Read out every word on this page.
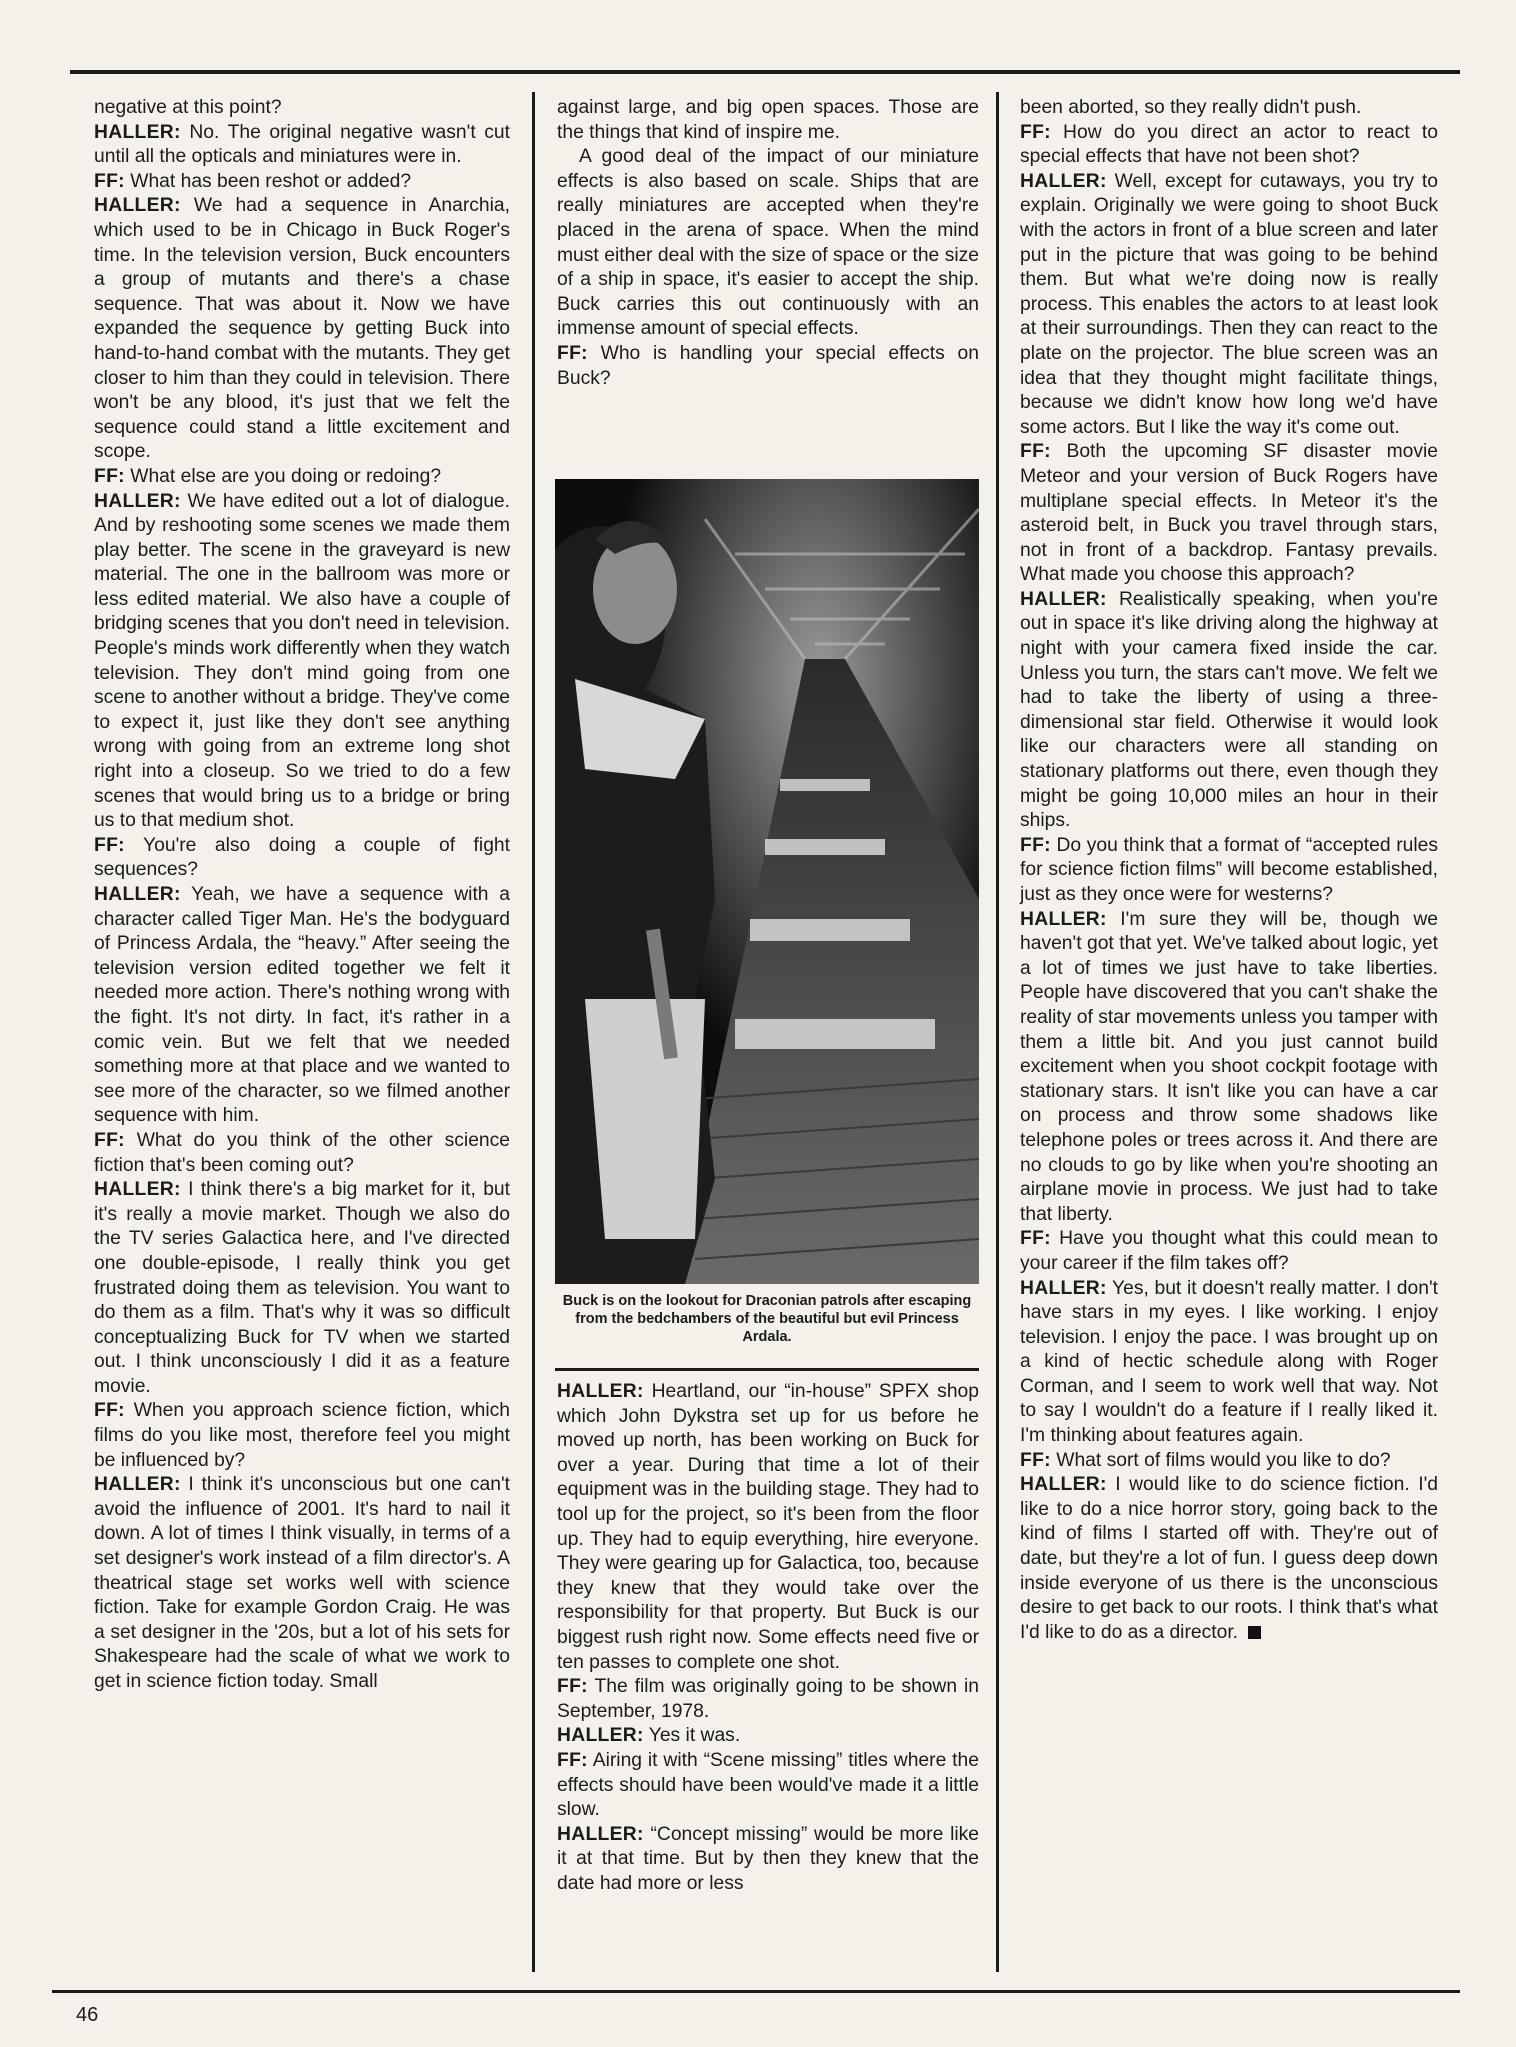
negative at this point?

HALLER: No. The original negative wasn't cut until all the opticals and miniatures were in.

FF: What has been reshot or added?

HALLER: We had a sequence in Anarchia, which used to be in Chicago in Buck Roger's time. In the television version, Buck encounters a group of mutants and there's a chase sequence. That was about it. Now we have expanded the sequence by getting Buck into hand-to-hand combat with the mutants. They get closer to him than they could in television. There won't be any blood, it's just that we felt the sequence could stand a little excitement and scope.

FF: What else are you doing or redoing?

HALLER: We have edited out a lot of dialogue. And by reshooting some scenes we made them play better. The scene in the graveyard is new material. The one in the ballroom was more or less edited material. We also have a couple of bridging scenes that you don't need in television. People's minds work differently when they watch television. They don't mind going from one scene to another without a bridge. They've come to expect it, just like they don't see anything wrong with going from an extreme long shot right into a closeup. So we tried to do a few scenes that would bring us to a bridge or bring us to that medium shot.

FF: You're also doing a couple of fight sequences?

HALLER: Yeah, we have a sequence with a character called Tiger Man. He's the bodyguard of Princess Ardala, the “heavy.” After seeing the television version edited together we felt it needed more action. There's nothing wrong with the fight. It's not dirty. In fact, it's rather in a comic vein. But we felt that we needed something more at that place and we wanted to see more of the character, so we filmed another sequence with him.

FF: What do you think of the other science fiction that's been coming out?

HALLER: I think there's a big market for it, but it's really a movie market. Though we also do the TV series Galactica here, and I've directed one double-episode, I really think you get frustrated doing them as television. You want to do them as a film. That's why it was so difficult conceptualizing Buck for TV when we started out. I think unconsciously I did it as a feature movie.

FF: When you approach science fiction, which films do you like most, therefore feel you might be influenced by?

HALLER: I think it's unconscious but one can't avoid the influence of 2001. It's hard to nail it down. A lot of times I think visually, in terms of a set designer's work instead of a film director's. A theatrical stage set works well with science fiction. Take for example Gordon Craig. He was a set designer in the '20s, but a lot of his sets for Shakespeare had the scale of what we work to get in science fiction today. Small

against large, and big open spaces. Those are the things that kind of inspire me.

A good deal of the impact of our miniature effects is also based on scale. Ships that are really miniatures are accepted when they're placed in the arena of space. When the mind must either deal with the size of space or the size of a ship in space, it's easier to accept the ship. Buck carries this out continuously with an immense amount of special effects.

FF: Who is handling your special effects on Buck?

Buck is on the lookout for Draconian patrols after escaping from the bedchambers of the beautiful but evil Princess Ardala.

HALLER: Heartland, our “in-house” SPFX shop which John Dykstra set up for us before he moved up north, has been working on Buck for over a year. During that time a lot of their equipment was in the building stage. They had to tool up for the project, so it's been from the floor up. They had to equip everything, hire everyone. They were gearing up for Galactica, too, because they knew that they would take over the responsibility for that property. But Buck is our biggest rush right now. Some effects need five or ten passes to complete one shot.

FF: The film was originally going to be shown in September, 1978.

HALLER: Yes it was.

FF: Airing it with “Scene missing” titles where the effects should have been would've made it a little slow.

HALLER: “Concept missing” would be more like it at that time. But by then they knew that the date had more or less

been aborted, so they really didn't push.

FF: How do you direct an actor to react to special effects that have not been shot?

HALLER: Well, except for cutaways, you try to explain. Originally we were going to shoot Buck with the actors in front of a blue screen and later put in the picture that was going to be behind them. But what we're doing now is really process. This enables the actors to at least look at their surroundings. Then they can react to the plate on the projector. The blue screen was an idea that they thought might facilitate things, because we didn't know how long we'd have some actors. But I like the way it's come out.

FF: Both the upcoming SF disaster movie Meteor and your version of Buck Rogers have multiplane special effects. In Meteor it's the asteroid belt, in Buck you travel through stars, not in front of a backdrop. Fantasy prevails. What made you choose this approach?

HALLER: Realistically speaking, when you're out in space it's like driving along the highway at night with your camera fixed inside the car. Unless you turn, the stars can't move. We felt we had to take the liberty of using a three-dimensional star field. Otherwise it would look like our characters were all standing on stationary platforms out there, even though they might be going 10,000 miles an hour in their ships.

FF: Do you think that a format of “accepted rules for science fiction films” will become established, just as they once were for westerns?

HALLER: I'm sure they will be, though we haven't got that yet. We've talked about logic, yet a lot of times we just have to take liberties. People have discovered that you can't shake the reality of star movements unless you tamper with them a little bit. And you just cannot build excitement when you shoot cockpit footage with stationary stars. It isn't like you can have a car on process and throw some shadows like telephone poles or trees across it. And there are no clouds to go by like when you're shooting an airplane movie in process. We just had to take that liberty.

FF: Have you thought what this could mean to your career if the film takes off?

HALLER: Yes, but it doesn't really matter. I don't have stars in my eyes. I like working. I enjoy television. I enjoy the pace. I was brought up on a kind of hectic schedule along with Roger Corman, and I seem to work well that way. Not to say I wouldn't do a feature if I really liked it. I'm thinking about features again.

FF: What sort of films would you like to do?

HALLER: I would like to do science fiction. I'd like to do a nice horror story, going back to the kind of films I started off with. They're out of date, but they're a lot of fun. I guess deep down inside everyone of us there is the unconscious desire to get back to our roots. I think that's what I'd like to do as a director.

46
